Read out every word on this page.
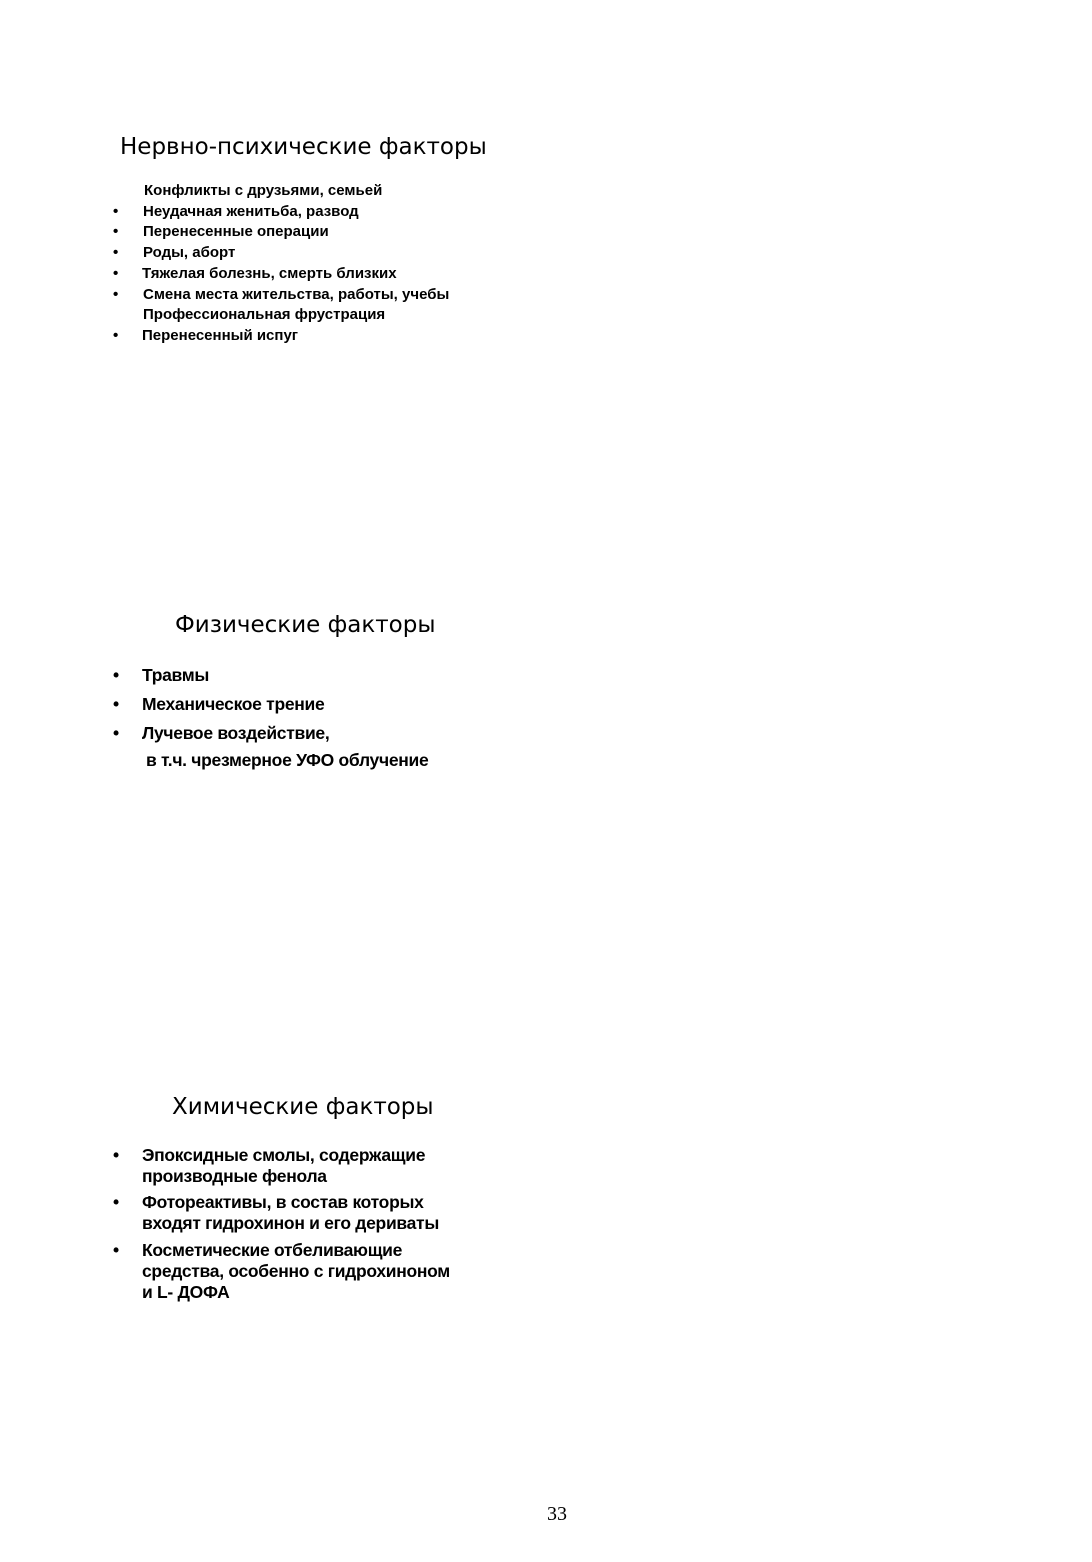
Нервно-психические факторы
Конфликты с друзьями, семьей
• Неудачная женитьба, развод
• Перенесенные операции
• Роды, аборт
• Тяжелая болезнь, смерть близких
• Смена места жительства, работы, учебы
Профессиональная фрустрация
• Перенесенный испуг
Физические факторы
• Травмы
• Механическое трение
• Лучевое воздействие,
в т.ч. чрезмерное УФО облучение
Химические факторы
• Эпоксидные смолы, содержащие
производные фенола
• Фотореактивы, в состав которых
входят гидрохинон и его дериваты
• Косметические отбеливающие
средства, особенно с гидрохиноном
и L- ДОФА
33
